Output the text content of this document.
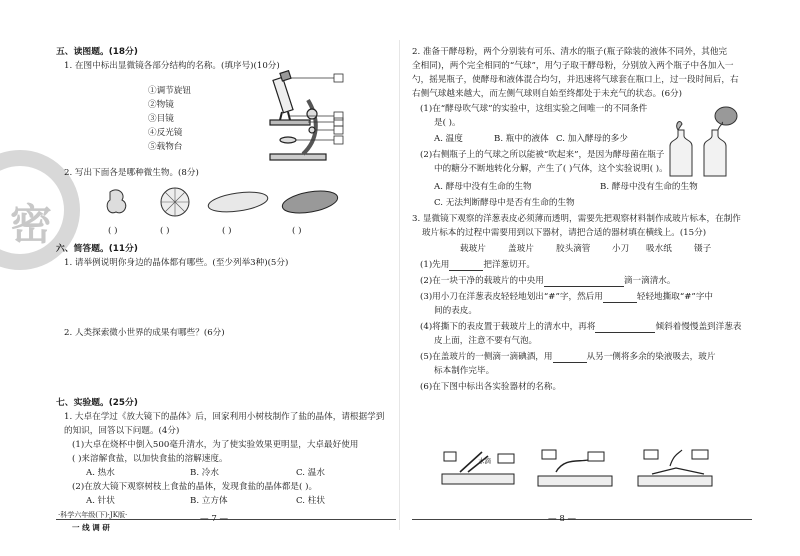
密
五、读图题。(18分)
1. 在图中标出显微镜各部分结构的名称。(填序号)(10分)
①调节旋钮
②物镜
③目镜
④反光镜
⑤载物台
2. 写出下面各是哪种微生物。(8分)
( )	( )	( )	( )
六、简答题。(11分)
1. 请举例说明你身边的晶体都有哪些。(至少列举3种)(5分)
2. 人类探索微小世界的成果有哪些？(6分)
七、实验题。(25分)
1. 大卓在学过《放大镜下的晶体》后，回家利用小树枝制作了盐的晶体，请根据学到
的知识，回答以下问题。(4分)
(1)大卓在烧杯中倒入500毫升清水，为了使实验效果更明显，大卓最好使用
( )来溶解食盐，以加快食盐的溶解速度。
A. 热水	B. 冷水	C. 温水
(2)在放大镜下观察树枝上食盐的晶体，发现食盐的晶体都是( )。
A. 针状	B. 立方体	C. 柱状
·科学六年级(下)·JK版·
一 线 调 研
— 7 —
2. 准备干酵母粉，两个分别装有可乐、清水的瓶子(瓶子除装的液体不同外，其他完
全相同)，两个完全相同的“气球”，用勺子取干酵母粉，分别放入两个瓶子中各加入一
勺，摇晃瓶子，使酵母和液体混合均匀，并迅速将气球套在瓶口上，过一段时间后，右
右侧气球越来越大，而左侧气球则自始至终都处于未充气的状态。(6分)
(1)在“酵母吹气球”的实验中，这组实验之间唯一的不同条件
是( )。
A. 温度	B. 瓶中的液体 C. 加入酵母的多少
(2)右侧瓶子上的气球之所以能被“吹起来”，是因为酵母菌在瓶子
中的糖分不断地转化分解，产生了( )气体，这个实验说明( )。
A. 酵母中没有生命的生物	B. 酵母中没有生命的生物
C. 无法判断酵母中是否有生命的生物
3. 显微镜下观察的洋葱表皮必须薄而透明，需要先把观察材料制作成玻片标本，在制作
玻片标本的过程中需要用到以下器材，请把合适的器材填在横线上。(15分)
载玻片	盖玻片	胶头滴管	小刀 吸水纸	镊子
(1)先用	把洋葱切开。
(2)在一块干净的载玻片的中央用	滴一滴清水。
(3)用小刀在洋葱表皮轻轻地划出“#”字，然后用	轻轻地撕取“#”字中
间的表皮。
(4)将撕下的表皮置于载玻片上的清水中，再将	倾斜着慢慢盖到洋葱表
皮上面，注意不要有气泡。
(5)在盖玻片的一侧滴一滴碘酒，用	从另一侧将多余的染液吸去，玻片
标本制作完毕。
(6)在下图中标出各实验器材的名称。
水滴
— 8 —
